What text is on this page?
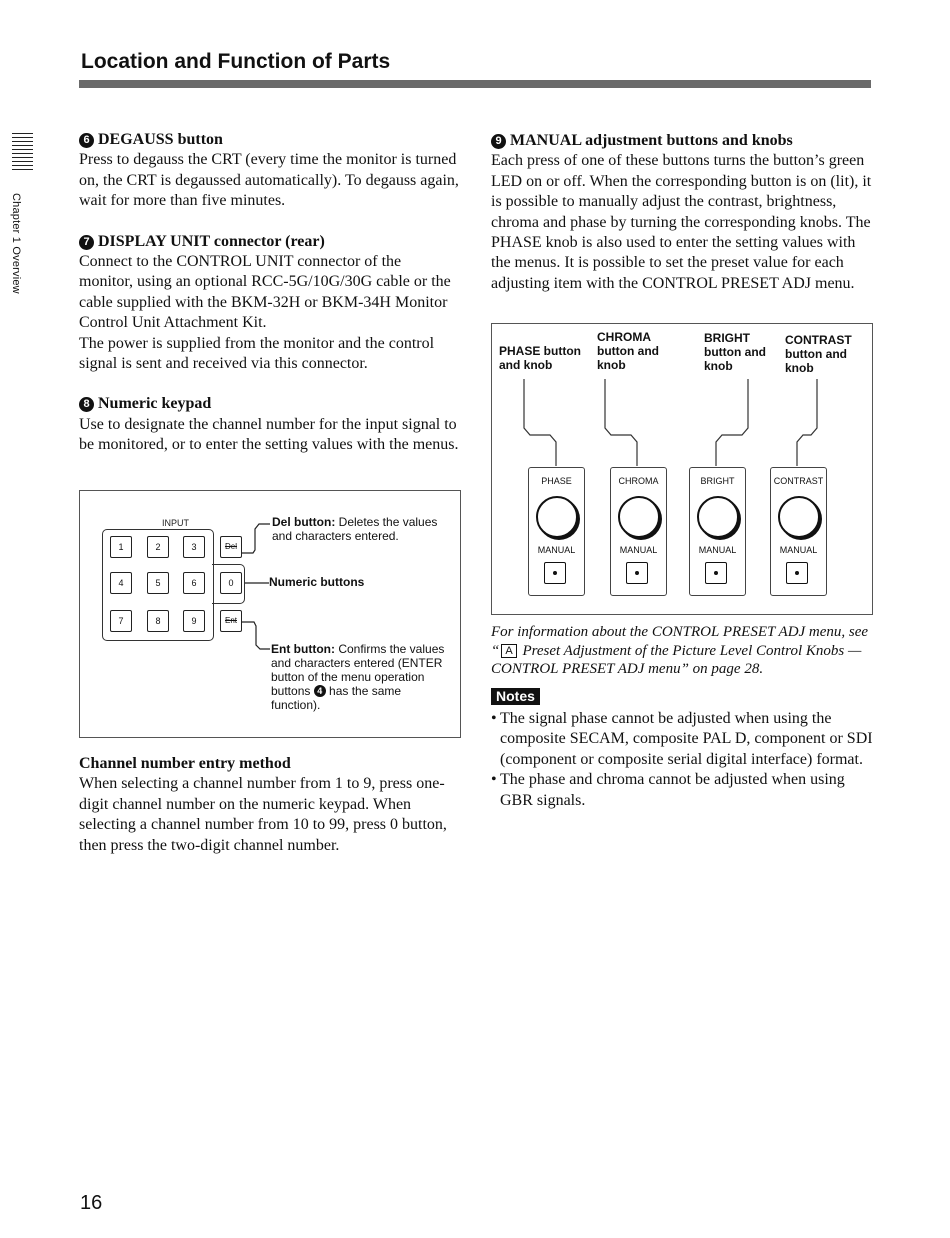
Location and Function of Parts
Chapter 1 Overview
6 DEGAUSS button

Press to degauss the CRT (every time the monitor is turned on, the CRT is degaussed automatically). To degauss again, wait for more than five minutes.

7 DISPLAY UNIT connector (rear)

Connect to the CONTROL UNIT connector of the monitor, using an optional RCC-5G/10G/30G cable or the cable supplied with the BKM-32H or BKM-34H Monitor Control Unit Attachment Kit.

The power is supplied from the monitor and the control signal is sent and received via this connector.

8 Numeric keypad

Use to designate the channel number for the input signal to be monitored, or to enter the setting values with the menus.

INPUT
1	2	3	Del
4	5	6	0
7	8	9	Ent
Del button: Deletes the values and characters entered.
Numeric buttons
Ent button: Confirms the values and characters entered (ENTER button of the menu operation buttons 4 has the same function).
Channel number entry method

When selecting a channel number from 1 to 9, press one-digit channel number on the numeric keypad. When selecting a channel number from 10 to 99, press 0 button, then press the two-digit channel number.

9 MANUAL adjustment buttons and knobs

Each press of one of these buttons turns the button’s green LED on or off. When the corresponding button is on (lit), it is possible to manually adjust the contrast, brightness, chroma and phase by turning the corresponding knobs. The PHASE knob is also used to enter the setting values with the menus. It is possible to set the preset value for each adjusting item with the CONTROL PRESET ADJ menu.

PHASE button and knob
CHROMA button and knob
BRIGHT button and knob
CONTRAST button and knob
PHASE
MANUAL
CHROMA
MANUAL
BRIGHT
MANUAL
CONTRAST
MANUAL
For information about the CONTROL PRESET ADJ menu, see “ A Preset Adjustment of the Picture Level Control Knobs — CONTROL PRESET ADJ menu” on page 28.
Notes
• The signal phase cannot be adjusted when using the composite SECAM, composite PAL D, component or SDI (component or composite serial digital interface) format.
• The phase and chroma cannot be adjusted when using GBR signals.
16
